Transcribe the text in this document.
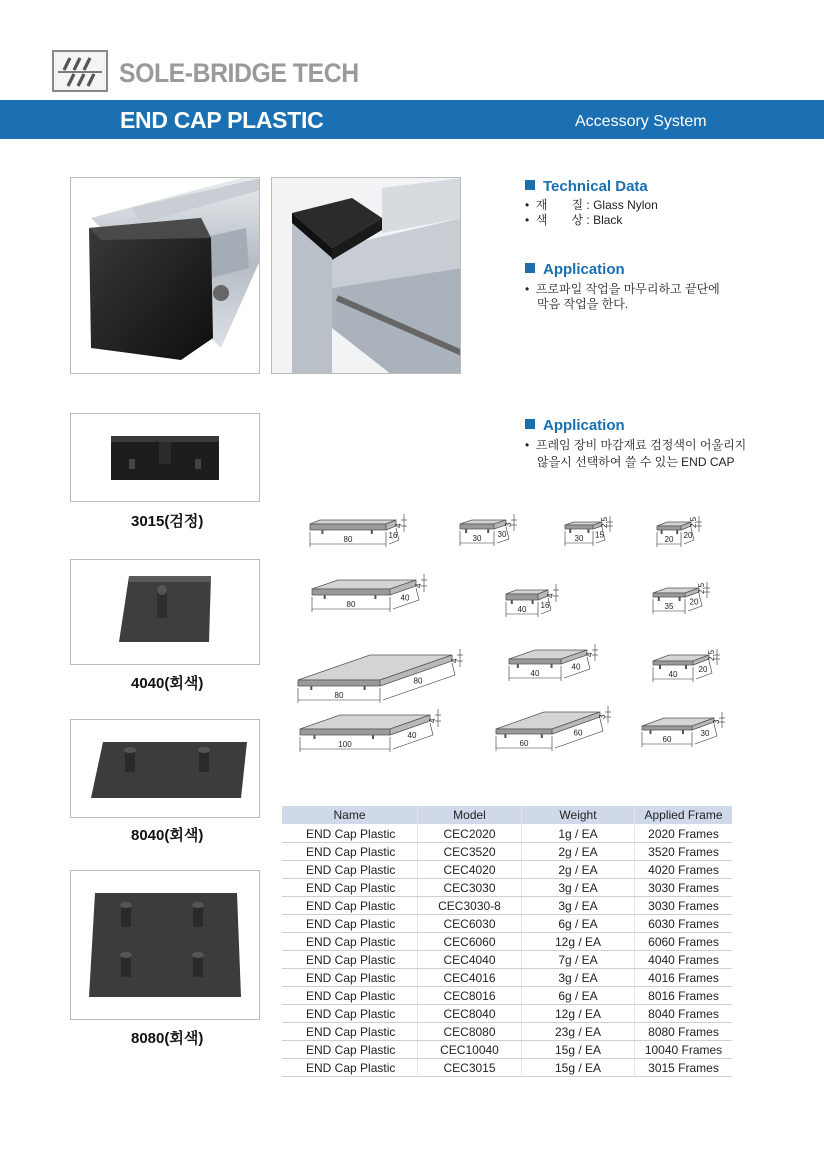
SOLE-BRIDGE TECH
END CAP PLASTIC	Accessory System
Technical Data
•  재　　질 : Glass Nylon
•  색　　상 : Black
Application
•  프로파일 작업을 마무리하고 끝단에
막음 작업을 한다.
Application
•  프레임 장비 마감재료 검정색이 어울리지
않을시 선택하여 쓸 수 있는 END CAP
3015(검정)
4040(회색)
8040(회색)
8080(회색)
80	16
4
30 30
3
30 15
2.5
20 20
2.5
80
40
4
40 16
4
35 20
2.5
80
80
4
40
40
4
40
20
2.5
100
40
4
60
60
3
60
30
3
Name	Model	Weight	Applied Frame
END Cap Plastic	CEC2020	1g / EA	2020 Frames
END Cap Plastic	CEC3520	2g / EA	3520 Frames
END Cap Plastic	CEC4020	2g / EA	4020 Frames
END Cap Plastic	CEC3030	3g / EA	3030 Frames
END Cap Plastic	CEC3030-8	3g / EA	3030 Frames
END Cap Plastic	CEC6030	6g / EA	6030 Frames
END Cap Plastic	CEC6060	12g / EA	6060 Frames
END Cap Plastic	CEC4040	7g / EA	4040 Frames
END Cap Plastic	CEC4016	3g / EA	4016 Frames
END Cap Plastic	CEC8016	6g / EA	8016 Frames
END Cap Plastic	CEC8040	12g / EA	8040 Frames
END Cap Plastic	CEC8080	23g / EA	8080 Frames
END Cap Plastic	CEC10040	15g / EA	10040 Frames
END Cap Plastic	CEC3015	15g / EA	3015 Frames
